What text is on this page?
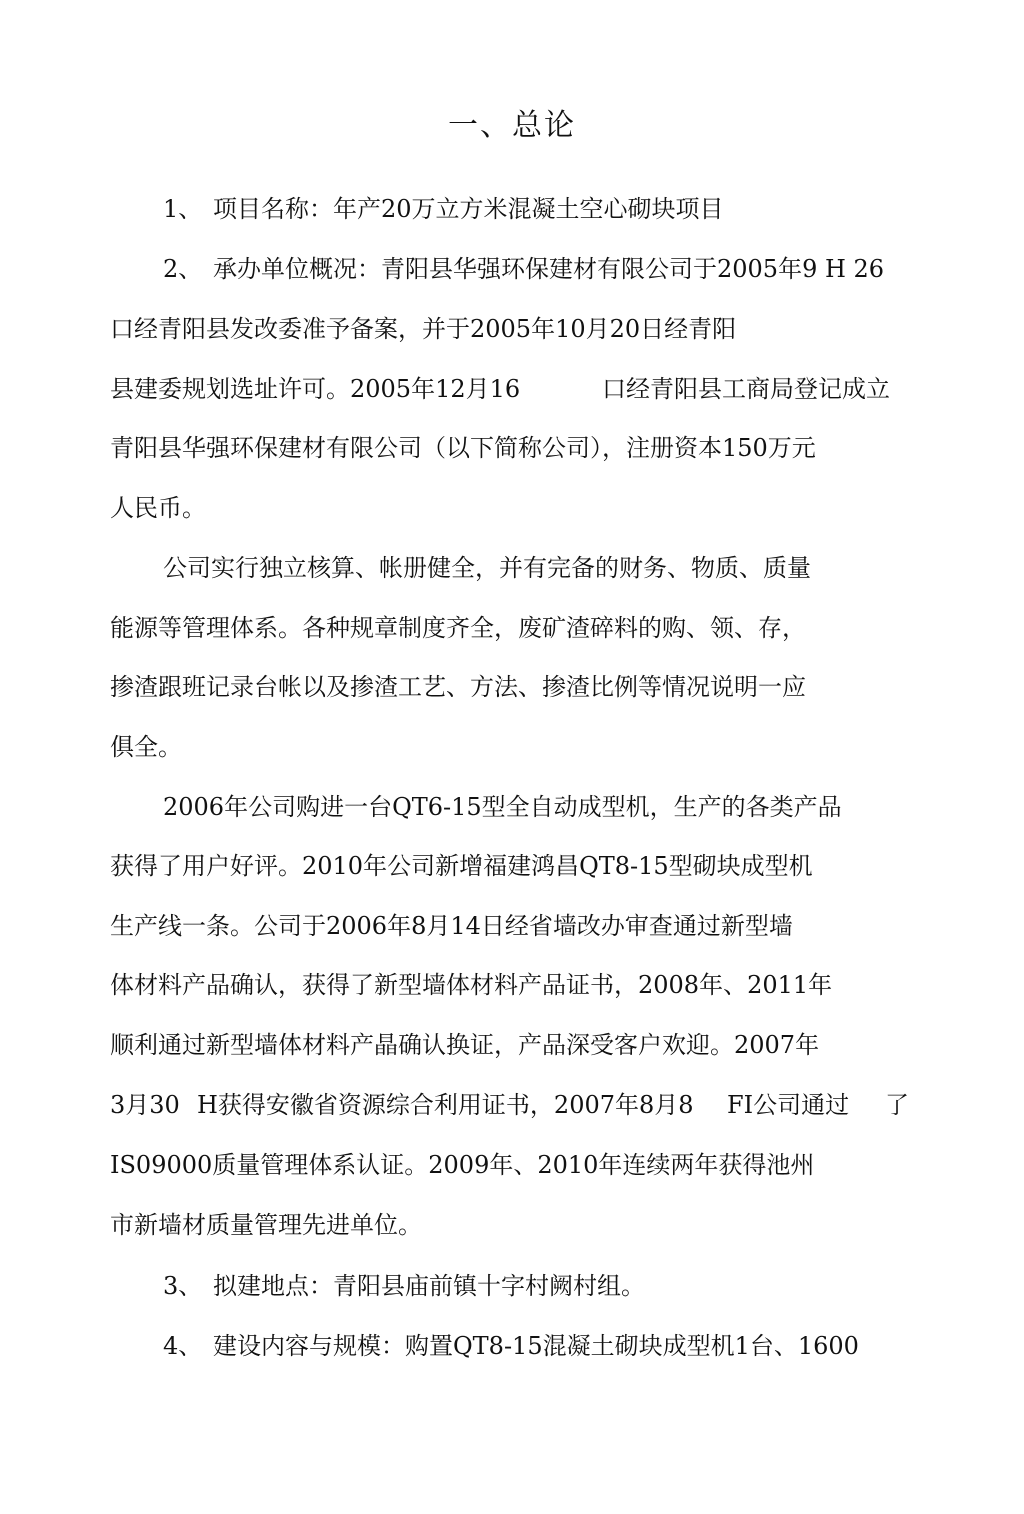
一、总论
1、 项目名称：年产20万立方米混凝土空心砌块项目
2、 承办单位概况：青阳县华强环保建材有限公司于2005年9 H 26
口经青阳县发改委准予备案，并于2005年10月20日经青阳
县建委规划选址许可。2005年12月16	口经青阳县工商局登记成立
青阳县华强环保建材有限公司（以下简称公司），注册资本150万元
人民币。
公司实行独立核算、帐册健全，并有完备的财务、物质、质量
能源等管理体系。各种规章制度齐全，废矿渣碎料的购、领、存，
掺渣跟班记录台帐以及掺渣工艺、方法、掺渣比例等情况说明一应
俱全。
2006年公司购进一台QT6-15型全自动成型机，生产的各类产品
获得了用户好评。2010年公司新增福建鸿昌QT8-15型砌块成型机
生产线一条。公司于2006年8月14日经省墙改办审查通过新型墙
体材料产品确认，获得了新型墙体材料产品证书，2008年、2011年
顺利通过新型墙体材料产晶确认换证，产品深受客户欢迎。2007年
3月30 H获得安徽省资源综合利用证书，2007年8月8 FI公司通过 了
IS09000质量管理体系认证。2009年、2010年连续两年获得池州
市新墙材质量管理先进单位。
3、 拟建地点：青阳县庙前镇十字村阙村组。
4、 建设内容与规模：购置QT8-15混凝土砌块成型机1台、1600
